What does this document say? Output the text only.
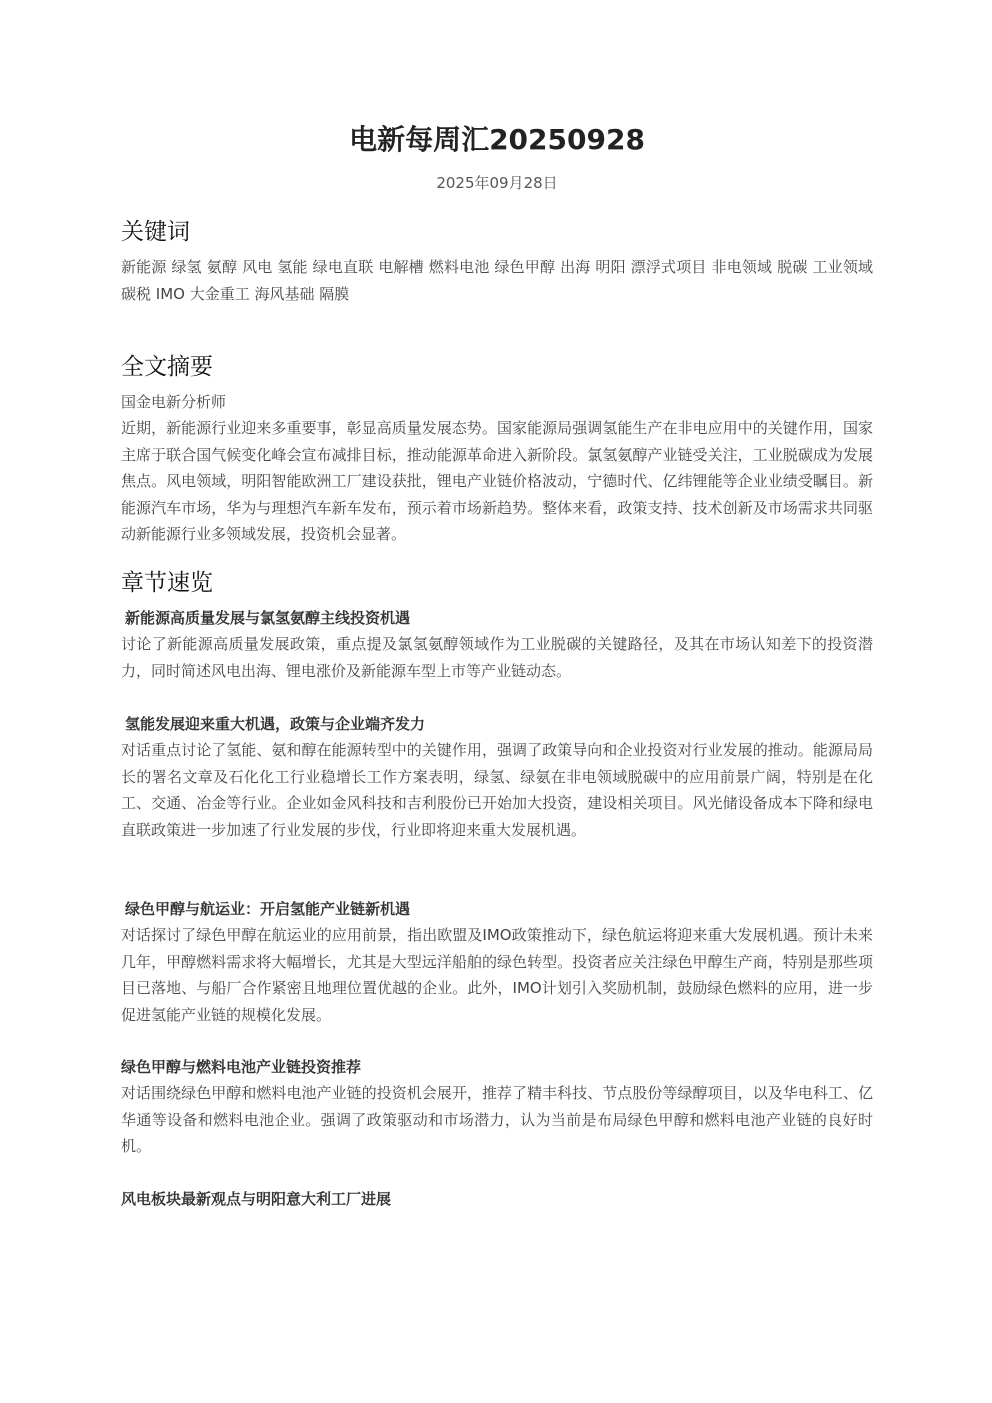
电新每周汇20250928
2025年09月28日
关键词

新能源 绿氢 氨醇 风电 氢能 绿电直联 电解槽 燃料电池 绿色甲醇 出海 明阳 漂浮式项目 非电领域 脱碳 工业领域 碳税 IMO 大金重工 海风基础 隔膜

全文摘要

国金电新分析师

近期，新能源行业迎来多重要事，彰显高质量发展态势。国家能源局强调氢能生产在非电应用中的关键作用，国家主席于联合国气候变化峰会宣布减排目标，推动能源革命进入新阶段。氯氢氨醇产业链受关注，工业脱碳成为发展焦点。风电领域，明阳智能欧洲工厂建设获批，锂电产业链价格波动，宁德时代、亿纬锂能等企业业绩受瞩目。新能源汽车市场，华为与理想汽车新车发布，预示着市场新趋势。整体来看，政策支持、技术创新及市场需求共同驱动新能源行业多领域发展，投资机会显著。

章节速览

新能源高质量发展与氯氢氨醇主线投资机遇

讨论了新能源高质量发展政策，重点提及氯氢氨醇领域作为工业脱碳的关键路径，及其在市场认知差下的投资潜力，同时简述风电出海、锂电涨价及新能源车型上市等产业链动态。

氢能发展迎来重大机遇，政策与企业端齐发力

对话重点讨论了氢能、氨和醇在能源转型中的关键作用，强调了政策导向和企业投资对行业发展的推动。能源局局长的署名文章及石化化工行业稳增长工作方案表明，绿氢、绿氨在非电领域脱碳中的应用前景广阔，特别是在化工、交通、冶金等行业。企业如金风科技和吉利股份已开始加大投资，建设相关项目。风光储设备成本下降和绿电直联政策进一步加速了行业发展的步伐，行业即将迎来重大发展机遇。

绿色甲醇与航运业：开启氢能产业链新机遇

对话探讨了绿色甲醇在航运业的应用前景，指出欧盟及IMO政策推动下，绿色航运将迎来重大发展机遇。预计未来几年，甲醇燃料需求将大幅增长，尤其是大型远洋船舶的绿色转型。投资者应关注绿色甲醇生产商，特别是那些项目已落地、与船厂合作紧密且地理位置优越的企业。此外，IMO计划引入奖励机制，鼓励绿色燃料的应用，进一步促进氢能产业链的规模化发展。

绿色甲醇与燃料电池产业链投资推荐

对话围绕绿色甲醇和燃料电池产业链的投资机会展开，推荐了精丰科技、节点股份等绿醇项目，以及华电科工、亿华通等设备和燃料电池企业。强调了政策驱动和市场潜力，认为当前是布局绿色甲醇和燃料电池产业链的良好时机。

风电板块最新观点与明阳意大利工厂进展
